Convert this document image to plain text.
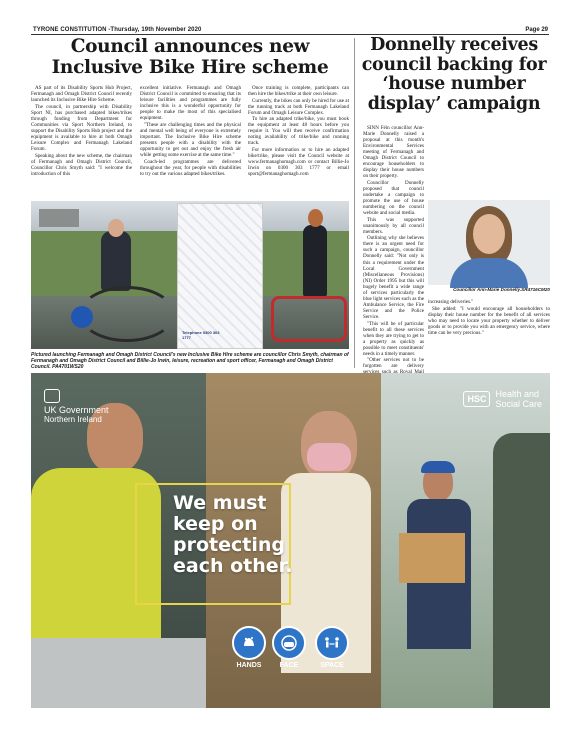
TYRONE CONSTITUTION -Thursday, 19th November 2020	Page 29
Council announces new Inclusive Bike Hire scheme

AS part of its Disability Sports Hub Project, Fermanagh and Omagh District Council recently launched its Inclusive Bike Hire Scheme.

The council, in partnership with Disability Sport NI, has purchased adapted bikes/trikes through funding from Department for Communities via Sport Northern Ireland, to support the Disability Sports Hub project and the equipment is available to hire at both Omagh Leisure Complex and Fermanagh Lakeland Forum.

Speaking about the new scheme, the chairman of Fermanagh and Omagh District Council, Councillor Chris Smyth said: "I welcome the introduction of this

excellent initiative. Fermanagh and Omagh District Council is committed to ensuring that its leisure facilities and programmes are fully inclusive this is a wonderful opportunity for people to make the most of this specialised equipment.

"These are challenging times and the physical and mental well being of everyone is extremely important. The Inclusive Bike Hire scheme presents people with a disability with the opportunity to get out and enjoy the fresh air while getting some exercise at the same time."

Coach-led programmes are delivered throughout the year, for people with disabilities to try out the various adapted bikes/trikes.

Once training is complete, participants can then hire the bikes/trike at their own leisure.

Currently, the bikes can only be hired for use at the running track at both Fermanagh Lakeland Forum and Omagh Leisure Complex.

To hire an adapted trike/bike, you must book the equipment at least 48 hours before you require it. You will then receive confirmation noting availability of trike/bike and running track.

For more information or to hire an adapted bike/trike, please visit the Council website at www.fermanaghomagh.com or contact Billie-Jo Irwin on 0300 303 1777 or email sport@fermanaghomagh.com

Telephone 0300 303 1777
Pictured launching Fermanagh and Omagh District Council's new Inclusive Bike Hire scheme are councillor Chris Smyth, chairman of Fermanagh and Omagh District Council and Billie-Jo Irwin, leisure, recreation and sport officer, Fermanagh and Omagh District Council. PA4701WS20
Donnelly receives council backing for ‘house number display’ campaign

SINN Féin councillor Ann-Marie Donnelly raised a proposal at this month's Environmental Services meeting of Fermanagh and Omagh District Council to encourage householders to display their house numbers on their property.

Councillor Donnelly proposed that council undertake a campaign to promote the use of house numbering on the council website and social media.

This was supported unanimously by all council members.

Outlining why she believes there is an urgent need for such a campaign, councillor Donnelly said: "Not only is this a requirement under the Local Government (Miscellaneous Provisions) (NI) Order 1995 but this will hugely benefit a wide range of services particularly the blue light services such as the Ambulance Service, the Fire Service and the Police Service.

"This will be of particular benefit to all these services when they are trying to get to a property as quickly as possible to meet constituents' needs in a timely manner.

"Other services not to be forgotten are delivery

Councillor Ann-Marie Donnelly.SR4716CM20

increasing deliveries."

She added: "I would encourage all householders to display their house number for the benefit of all services who may need to locate your property whether to deliver goods or to provide you with an emergency service, where time can be very precious."

We must
keep on
protecting
each other.
UK Government
Northern Ireland
HSC	Health and
Social Care
HANDS	FACE	SPACE
